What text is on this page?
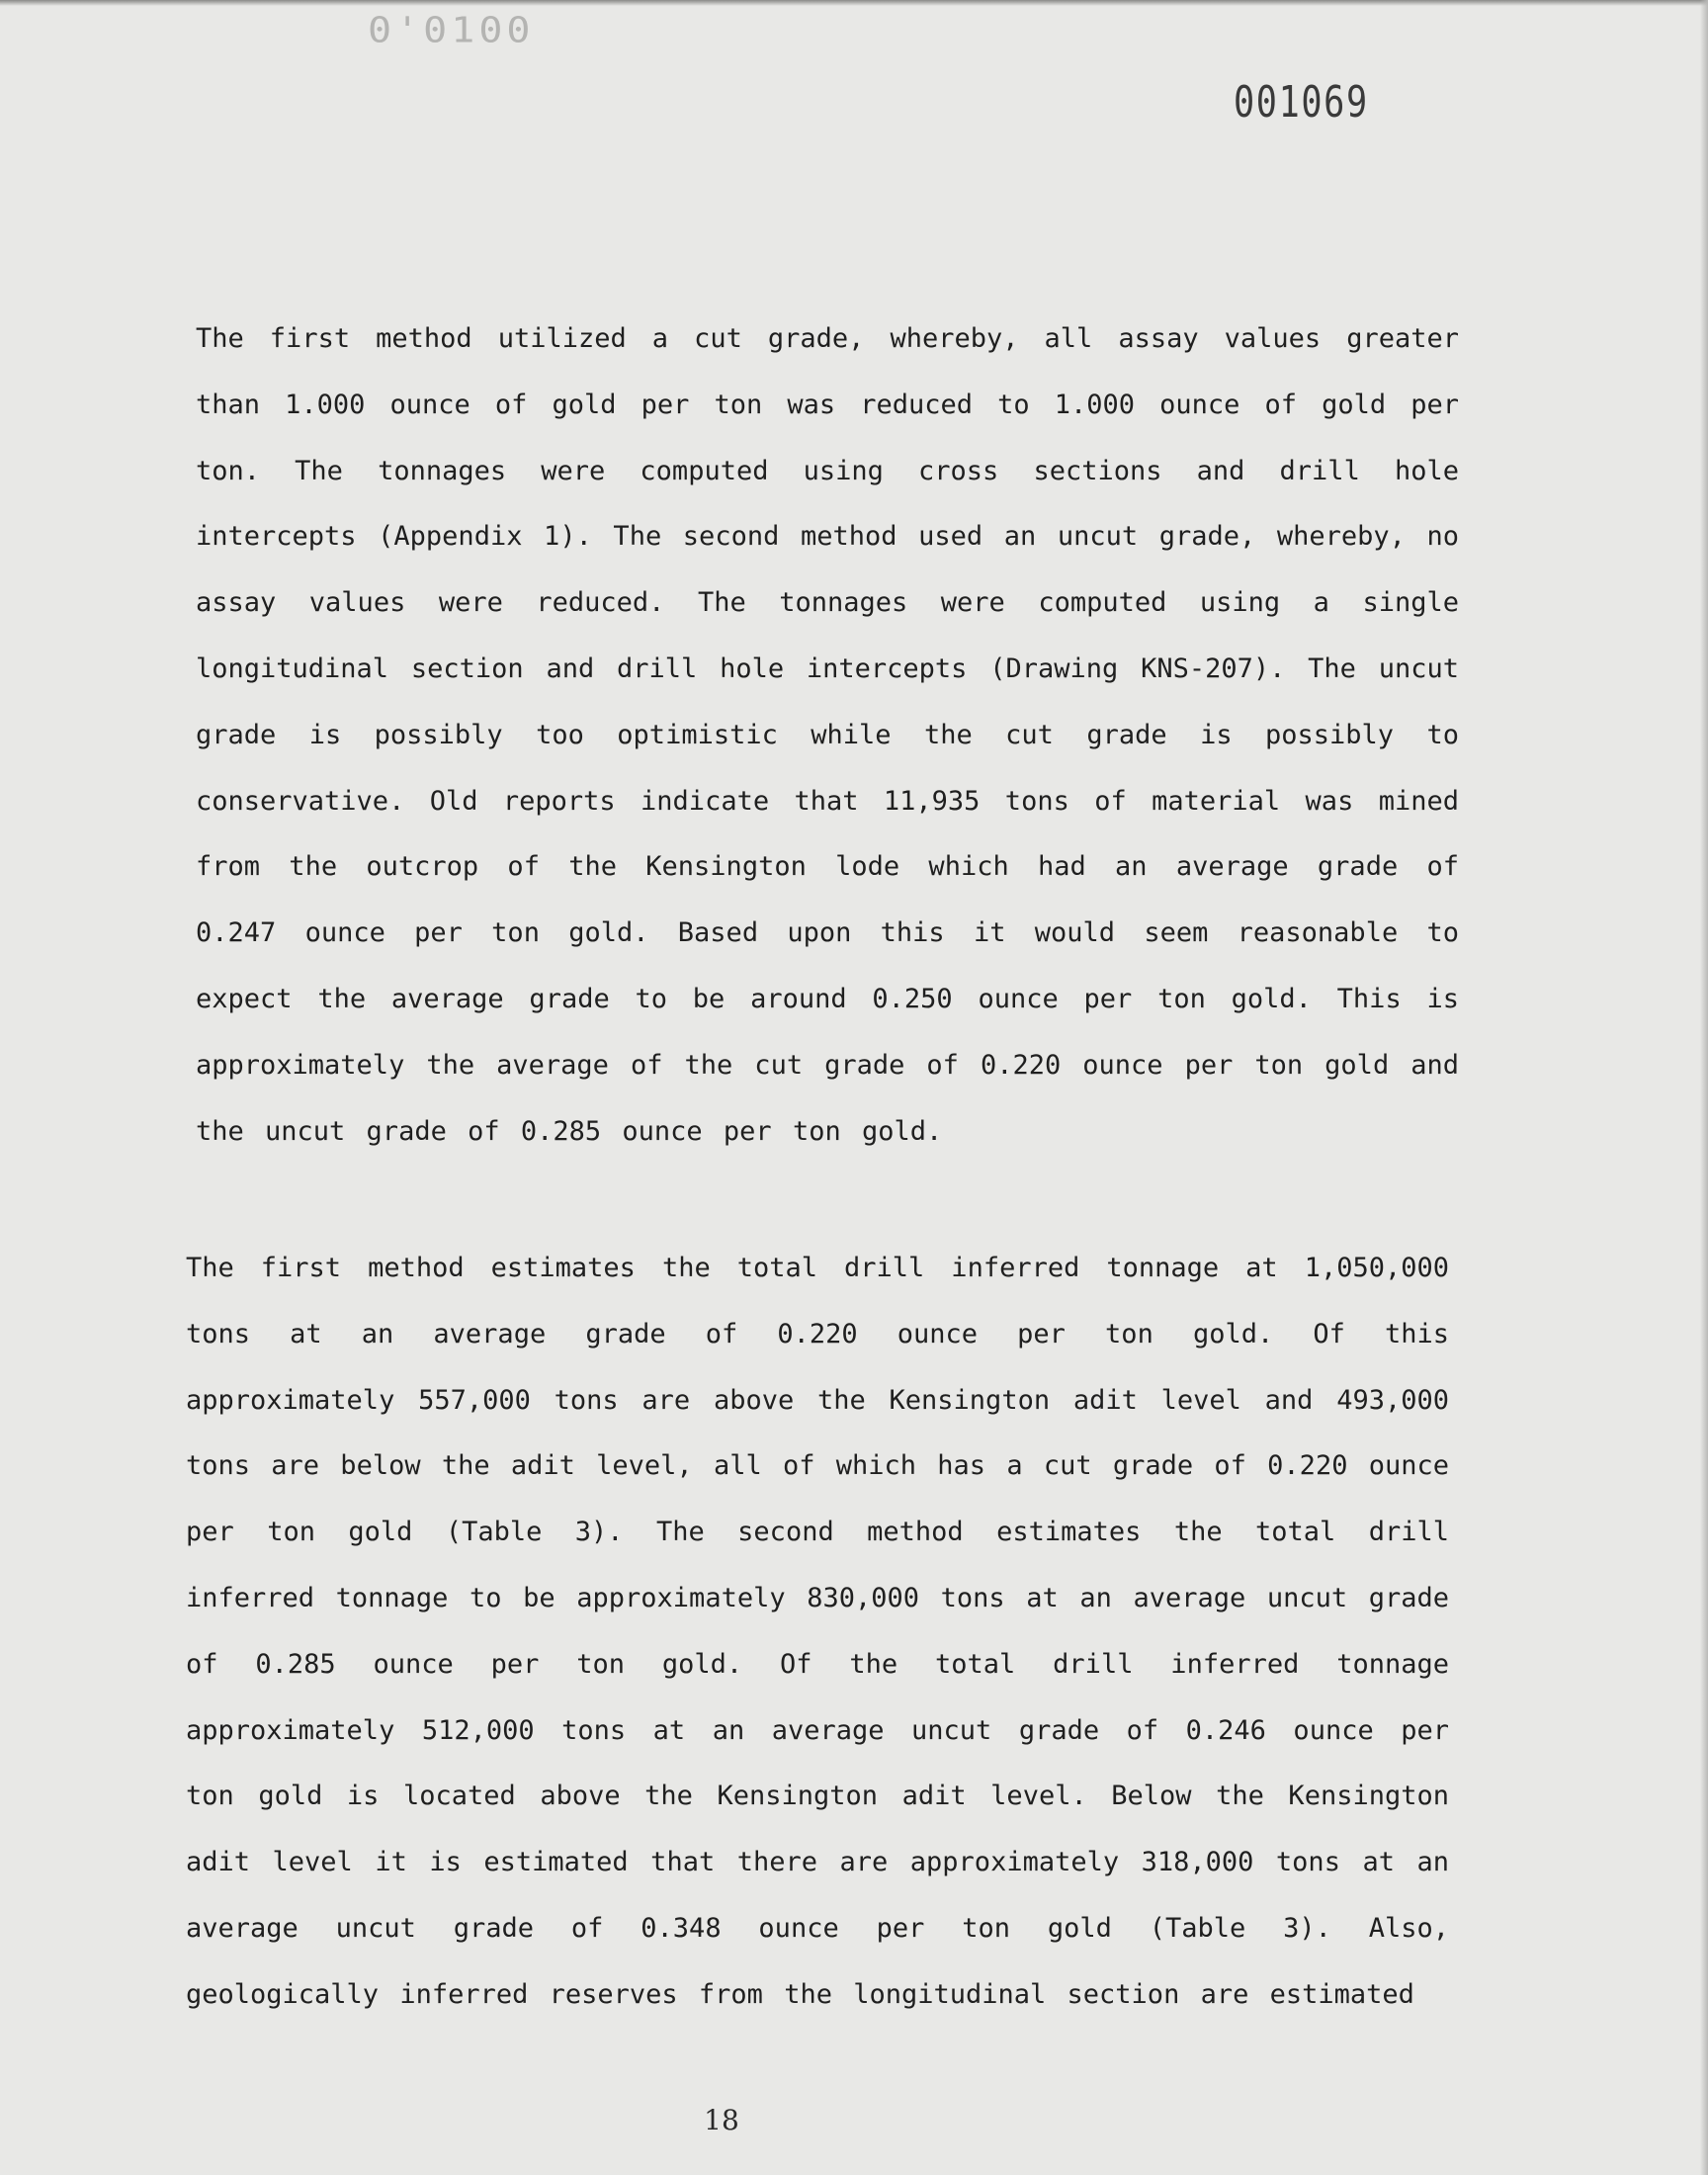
0'0100
001069

The first method utilized a cut grade, whereby, all assay values greater than 1.000 ounce of gold per ton was reduced to 1.000 ounce of gold per ton. The tonnages were computed using cross sections and drill hole intercepts (Appendix 1). The second method used an uncut grade, whereby, no assay values were reduced. The tonnages were computed using a single longitudinal section and drill hole intercepts (Drawing KNS-207). The uncut grade is possibly too optimistic while the cut grade is possibly to conservative. Old reports indicate that 11,935 tons of material was mined from the outcrop of the Kensington lode which had an average grade of 0.247 ounce per ton gold. Based upon this it would seem reasonable to expect the average grade to be around 0.250 ounce per ton gold. This is approximately the average of the cut grade of 0.220 ounce per ton gold and the uncut grade of 0.285 ounce per ton gold.

The first method estimates the total drill inferred tonnage at 1,050,000 tons at an average grade of 0.220 ounce per ton gold. Of this approximately 557,000 tons are above the Kensington adit level and 493,000 tons are below the adit level, all of which has a cut grade of 0.220 ounce per ton gold (Table 3). The second method estimates the total drill inferred tonnage to be approximately 830,000 tons at an average uncut grade of 0.285 ounce per ton gold. Of the total drill inferred tonnage approximately 512,000 tons at an average uncut grade of 0.246 ounce per ton gold is located above the Kensington adit level. Below the Kensington adit level it is estimated that there are approximately 318,000 tons at an average uncut grade of 0.348 ounce per ton gold (Table 3). Also, geologically inferred reserves from the longitudinal section are estimated

18
